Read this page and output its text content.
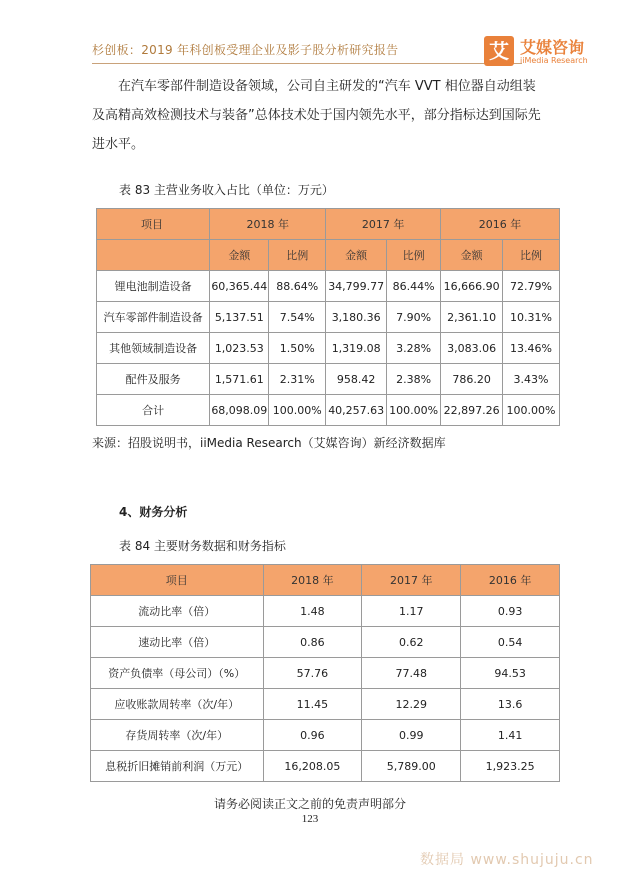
杉创板：2019 年科创板受理企业及影子股分析研究报告	艾 艾媒咨询
iiMedia Research
在汽车零部件制造设备领域，公司自主研发的“汽车 VVT 相位器自动组装
及高精高效检测技术与装备”总体技术处于国内领先水平，部分指标达到国际先
进水平。
表 83 主营业务收入占比（单位：万元）
项目	2018 年		2017 年		2016 年	
	金额	比例	金额	比例	金额	比例
锂电池制造设备	60,365.44	88.64%	34,799.77	86.44%	16,666.90	72.79%
汽车零部件制造设备	5,137.51	7.54%	3,180.36	7.90%	2,361.10	10.31%
其他领域制造设备	1,023.53	1.50%	1,319.08	3.28%	3,083.06	13.46%
配件及服务	1,571.61	2.31%	958.42	2.38%	786.20	3.43%
合计	68,098.09	100.00%	40,257.63	100.00%	22,897.26	100.00%
来源：招股说明书，iiMedia Research（艾媒咨询）新经济数据库
4、财务分析
表 84 主要财务数据和财务指标
项目	2018 年	2017 年	2016 年
流动比率（倍）	1.48	1.17	0.93
速动比率（倍）	0.86	0.62	0.54
资产负债率（母公司）（%）	57.76	77.48	94.53
应收账款周转率（次/年）	11.45	12.29	13.6
存货周转率（次/年）	0.96	0.99	1.41
息税折旧摊销前利润（万元）	16,208.05	5,789.00	1,923.25
请务必阅读正文之前的免责声明部分
123
数据局 www.shujuju.cn
